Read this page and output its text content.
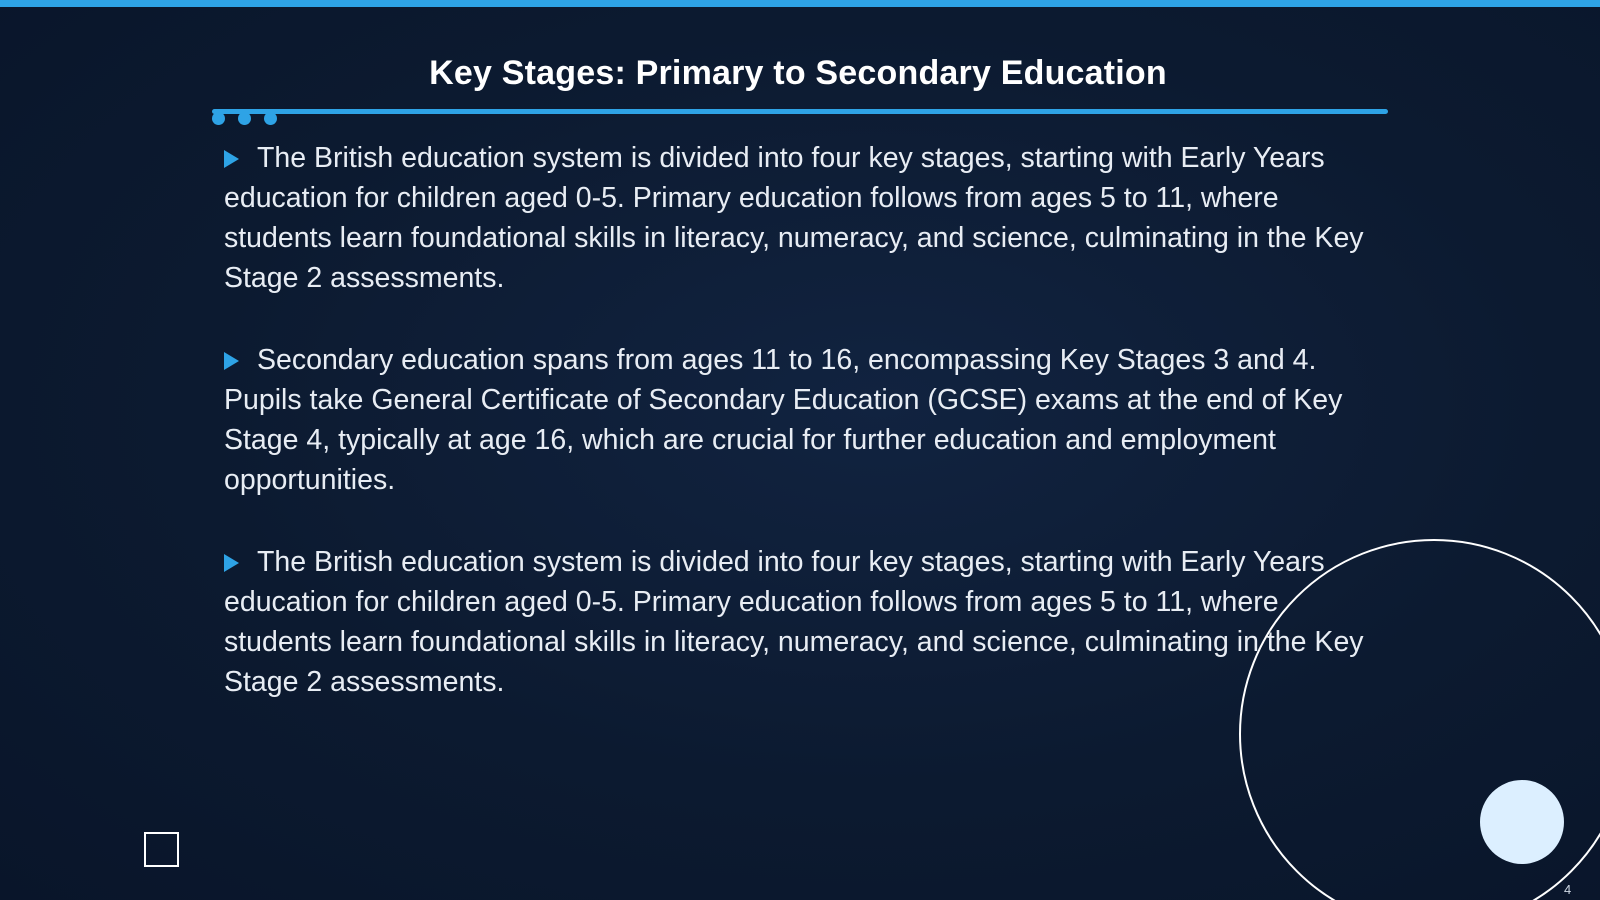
Key Stages: Primary to Secondary Education
The British education system is divided into four key stages, starting with Early Years education for children aged 0-5. Primary education follows from ages 5 to 11, where students learn foundational skills in literacy, numeracy, and science, culminating in the Key Stage 2 assessments.
Secondary education spans from ages 11 to 16, encompassing Key Stages 3 and 4. Pupils take General Certificate of Secondary Education (GCSE) exams at the end of Key Stage 4, typically at age 16, which are crucial for further education and employment opportunities.
The British education system is divided into four key stages, starting with Early Years education for children aged 0-5. Primary education follows from ages 5 to 11, where students learn foundational skills in literacy, numeracy, and science, culminating in the Key Stage 2 assessments.
4
